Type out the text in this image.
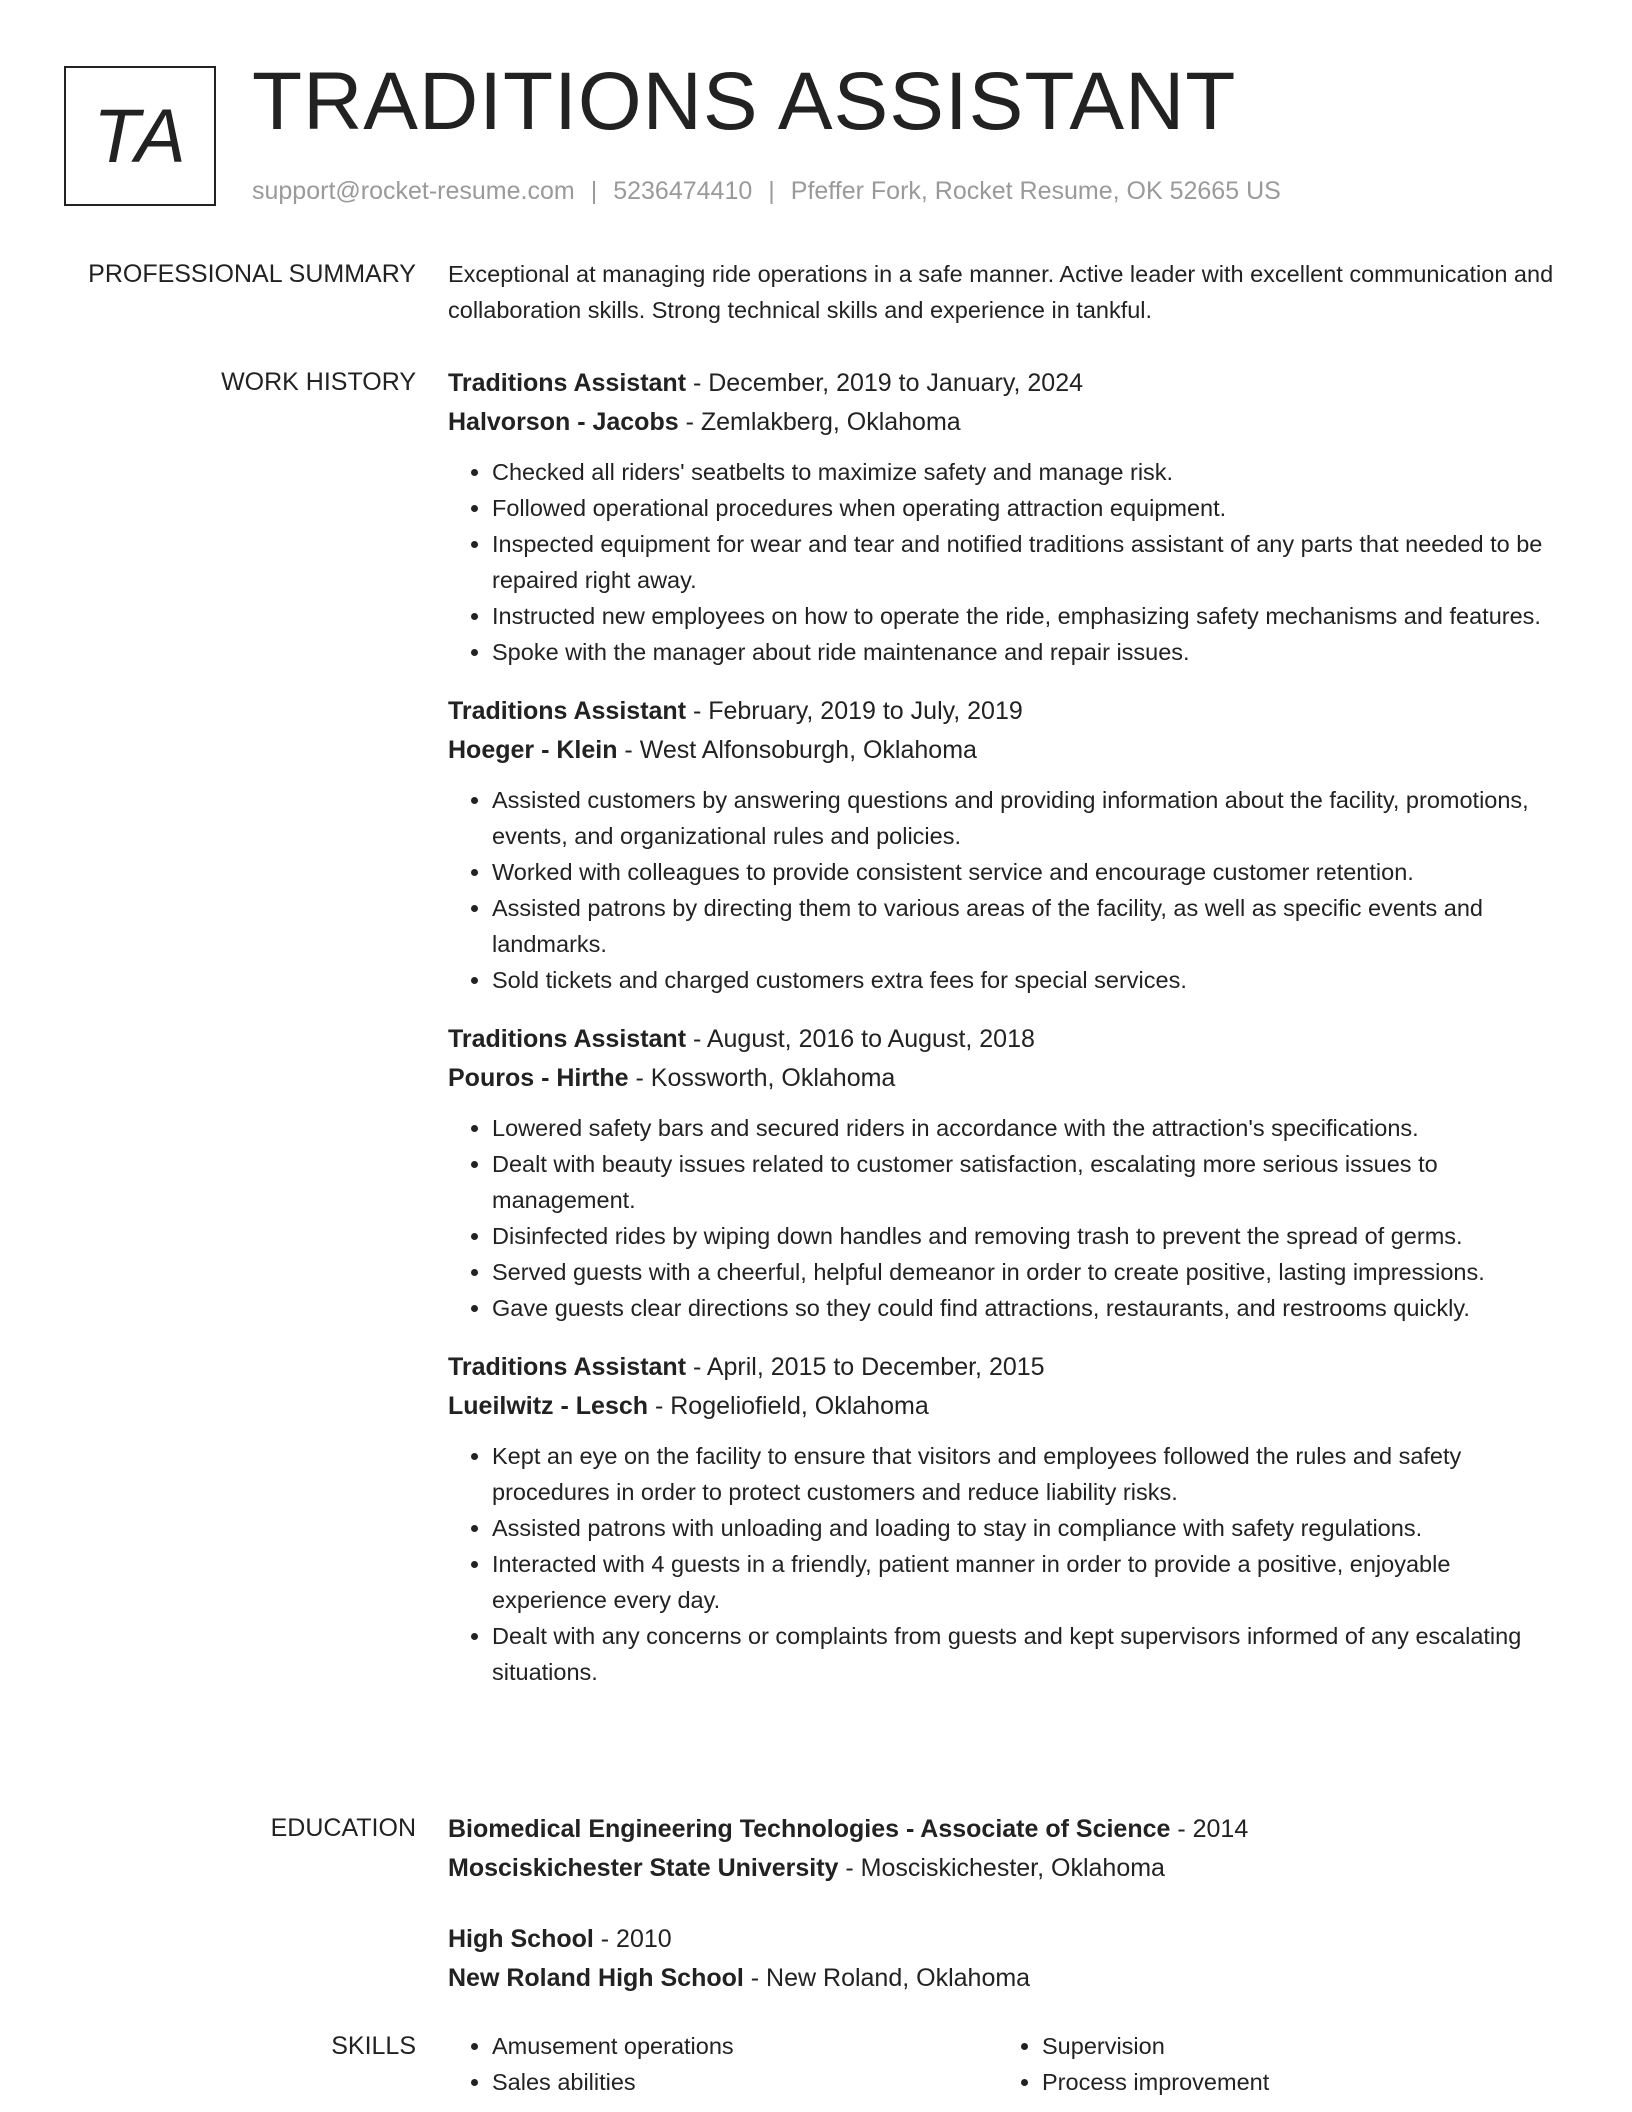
TA TRADITIONS ASSISTANT
support@rocket-resume.com | 5236474410 | Pfeffer Fork, Rocket Resume, OK 52665 US
PROFESSIONAL SUMMARY Exceptional at managing ride operations in a safe manner. Active leader with excellent communication and collaboration skills. Strong technical skills and experience in tankful.

WORK HISTORY Traditions Assistant - December, 2019 to January, 2024
Halvorson - Jacobs - Zemlakberg, Oklahoma
• Checked all riders' seatbelts to maximize safety and manage risk.
• Followed operational procedures when operating attraction equipment.
• Inspected equipment for wear and tear and notified traditions assistant of any parts that needed to be repaired right away.
• Instructed new employees on how to operate the ride, emphasizing safety mechanisms and features.
• Spoke with the manager about ride maintenance and repair issues.
Traditions Assistant - February, 2019 to July, 2019
Hoeger - Klein - West Alfonsoburgh, Oklahoma
• Assisted customers by answering questions and providing information about the facility, promotions, events, and organizational rules and policies.
• Worked with colleagues to provide consistent service and encourage customer retention.
• Assisted patrons by directing them to various areas of the facility, as well as specific events and landmarks.
• Sold tickets and charged customers extra fees for special services.
Traditions Assistant - August, 2016 to August, 2018
Pouros - Hirthe - Kossworth, Oklahoma
• Lowered safety bars and secured riders in accordance with the attraction's specifications.
• Dealt with beauty issues related to customer satisfaction, escalating more serious issues to management.
• Disinfected rides by wiping down handles and removing trash to prevent the spread of germs.
• Served guests with a cheerful, helpful demeanor in order to create positive, lasting impressions.
• Gave guests clear directions so they could find attractions, restaurants, and restrooms quickly.
Traditions Assistant - April, 2015 to December, 2015
Lueilwitz - Lesch - Rogeliofield, Oklahoma
• Kept an eye on the facility to ensure that visitors and employees followed the rules and safety procedures in order to protect customers and reduce liability risks.
• Assisted patrons with unloading and loading to stay in compliance with safety regulations.
• Interacted with 4 guests in a friendly, patient manner in order to provide a positive, enjoyable experience every day.
• Dealt with any concerns or complaints from guests and kept supervisors informed of any escalating situations.
EDUCATION Biomedical Engineering Technologies - Associate of Science - 2014
Mosciskichester State University - Mosciskichester, Oklahoma
High School - 2010
New Roland High School - New Roland, Oklahoma
SKILLS
•	Amusement operations
• Sales abilities
• Supervision
• Process improvement
